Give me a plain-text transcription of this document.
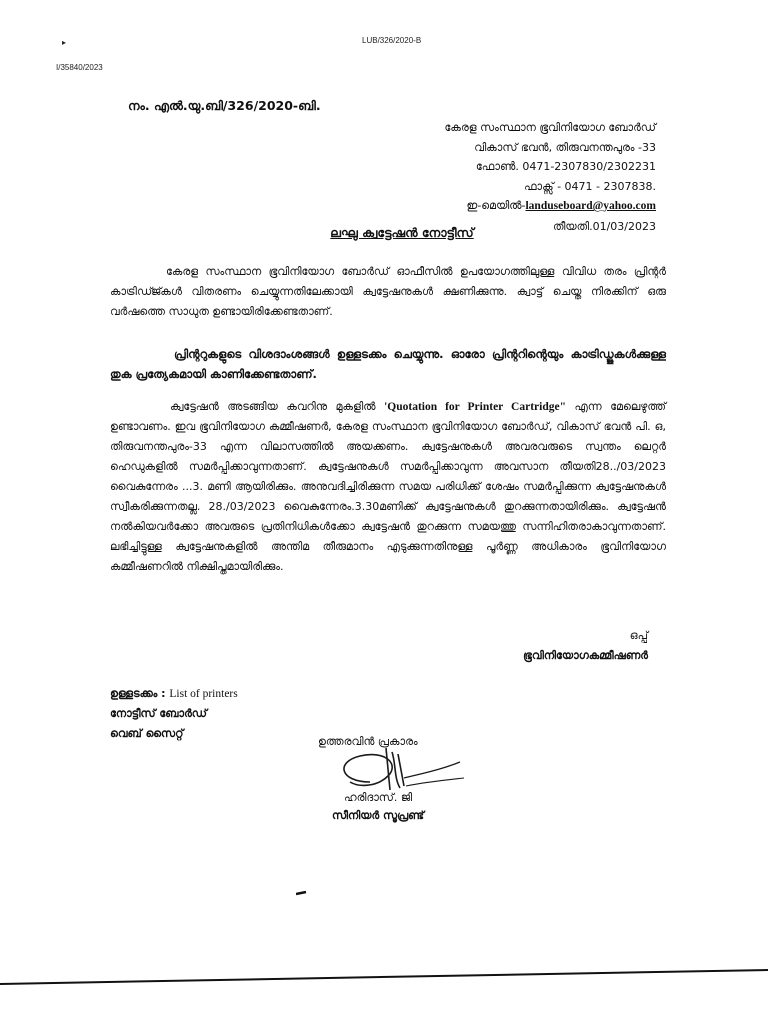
▸	LUB/326/2020-B
I/35840/2023
നം. എൽ.യു.ബി/326/2020-ബി.
കേരള സംസ്ഥാന ഭൂവിനിയോഗ ബോർഡ്
വികാസ് ഭവൻ, തിരുവനന്തപുരം -33
ഫോൺ. 0471-2307830/2302231
ഫാക്സ് - 0471 - 2307838.
ഇ-മെയിൽ-landuseboard@yahoo.com
തീയതി.01/03/2023
ലഘു ക്വട്ടേഷൻ നോട്ടീസ്
കേരള സംസ്ഥാന ഭൂവിനിയോഗ ബോർഡ് ഓഫീസിൽ ഉപയോഗത്തിലുള്ള വിവിധ തരം പ്രിന്റർ കാട്രിഡ്ജ്കൾ വിതരണം ചെയ്യുന്നതിലേക്കായി ക്വട്ടേഷനുകൾ ക്ഷണിക്കുന്നു. ക്വാട്ട് ചെയ്ത നിരക്കിന് ഒരു വർഷത്തെ സാധുത ഉണ്ടായിരിക്കേണ്ടതാണ്.
പ്രിന്ററുകളുടെ വിശദാംശങ്ങൾ ഉള്ളടക്കം ചെയ്യുന്നു. ഓരോ പ്രിന്ററിന്റെയും കാട്രിഡ്ജുകൾക്കുള്ള തുക പ്രത്യേകമായി കാണിക്കേണ്ടതാണ്.
ക്വട്ടേഷൻ അടങ്ങിയ കവറിനു മുകളിൽ 'Quotation for Printer Cartridge" എന്ന മേലെഴുത്ത് ഉണ്ടാവണം. ഇവ ഭൂവിനിയോഗ കമ്മീഷണർ, കേരള സംസ്ഥാന ഭൂവിനിയോഗ ബോർഡ്, വികാസ് ഭവൻ പി. ഒ, തിരുവനന്തപുരം-33 എന്ന വിലാസത്തിൽ അയക്കണം. ക്വട്ടേഷനുകൾ അവരവരുടെ സ്വന്തം ലെറ്റർ ഹെഡുകളിൽ സമർപ്പിക്കാവുന്നതാണ്. ക്വട്ടേഷനുകൾ സമർപ്പിക്കാവുന്ന അവസാന തീയതി28../03/2023 വൈകുന്നേരം ...3. മണി ആയിരിക്കും. അനുവദിച്ചിരിക്കുന്ന സമയ പരിധിക്ക് ശേഷം സമർപ്പിക്കുന്ന ക്വട്ടേഷനുകൾ സ്വീകരിക്കുന്നതല്ല. 28./03/2023 വൈകുന്നേരം.3.30മണിക്ക് ക്വട്ടേഷനുകൾ തുറക്കുന്നതായിരിക്കും. ക്വട്ടേഷൻ നൽകിയവർക്കോ അവരുടെ പ്രതിനിധികൾക്കോ ക്വട്ടേഷൻ തുറക്കുന്ന സമയത്തു സന്നിഹിതരാകാവുന്നതാണ്. ലഭിച്ചിട്ടുള്ള ക്വട്ടേഷനുകളിൽ അന്തിമ തീരുമാനം എടുക്കുന്നതിനുള്ള പൂർണ്ണ അധികാരം ഭൂവിനിയോഗ കമ്മീഷണറിൽ നിക്ഷിപ്തമായിരിക്കും.
ഒപ്പ്
ഭൂവിനിയോഗകമ്മീഷണർ
ഉള്ളടക്കം : List of printers
നോട്ടീസ് ബോർഡ്
വെബ് സൈറ്റ്
ഉത്തരവിൻ പ്രകാരം
ഹരിദാസ്. ജി
സീനിയർ സൂപ്രണ്ട്
